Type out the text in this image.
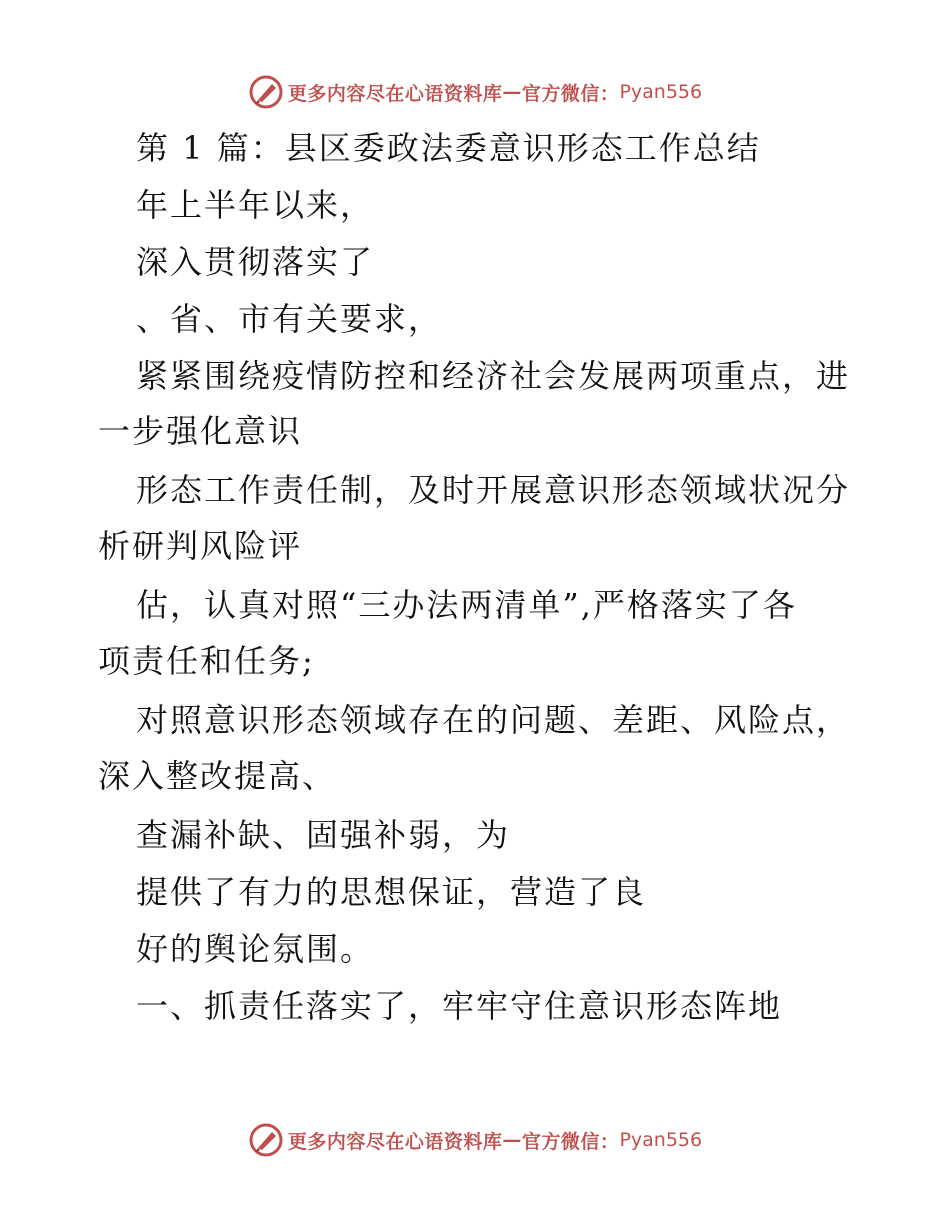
更多内容尽在心语资料库 — 官方微信： Pyan556
第 1 篇：县区委政法委意识形态工作总结
年上半年以来，
深入贯彻落实了
、省、市有关要求，
紧紧围绕疫情防控和经济社会发展两项重点，进
一步强化意识
形态工作责任制，及时开展意识形态领域状况分
析研判风险评
估，认真对照“三办法两清单”,严格落实了各
项责任和任务;
对照意识形态领域存在的问题、差距、风险点，
深入整改提高、
查漏补缺、固强补弱，为
提供了有力的思想保证，营造了良
好的舆论氛围。
一、抓责任落实了，牢牢守住意识形态阵地
更多内容尽在心语资料库 — 官方微信： Pyan556
